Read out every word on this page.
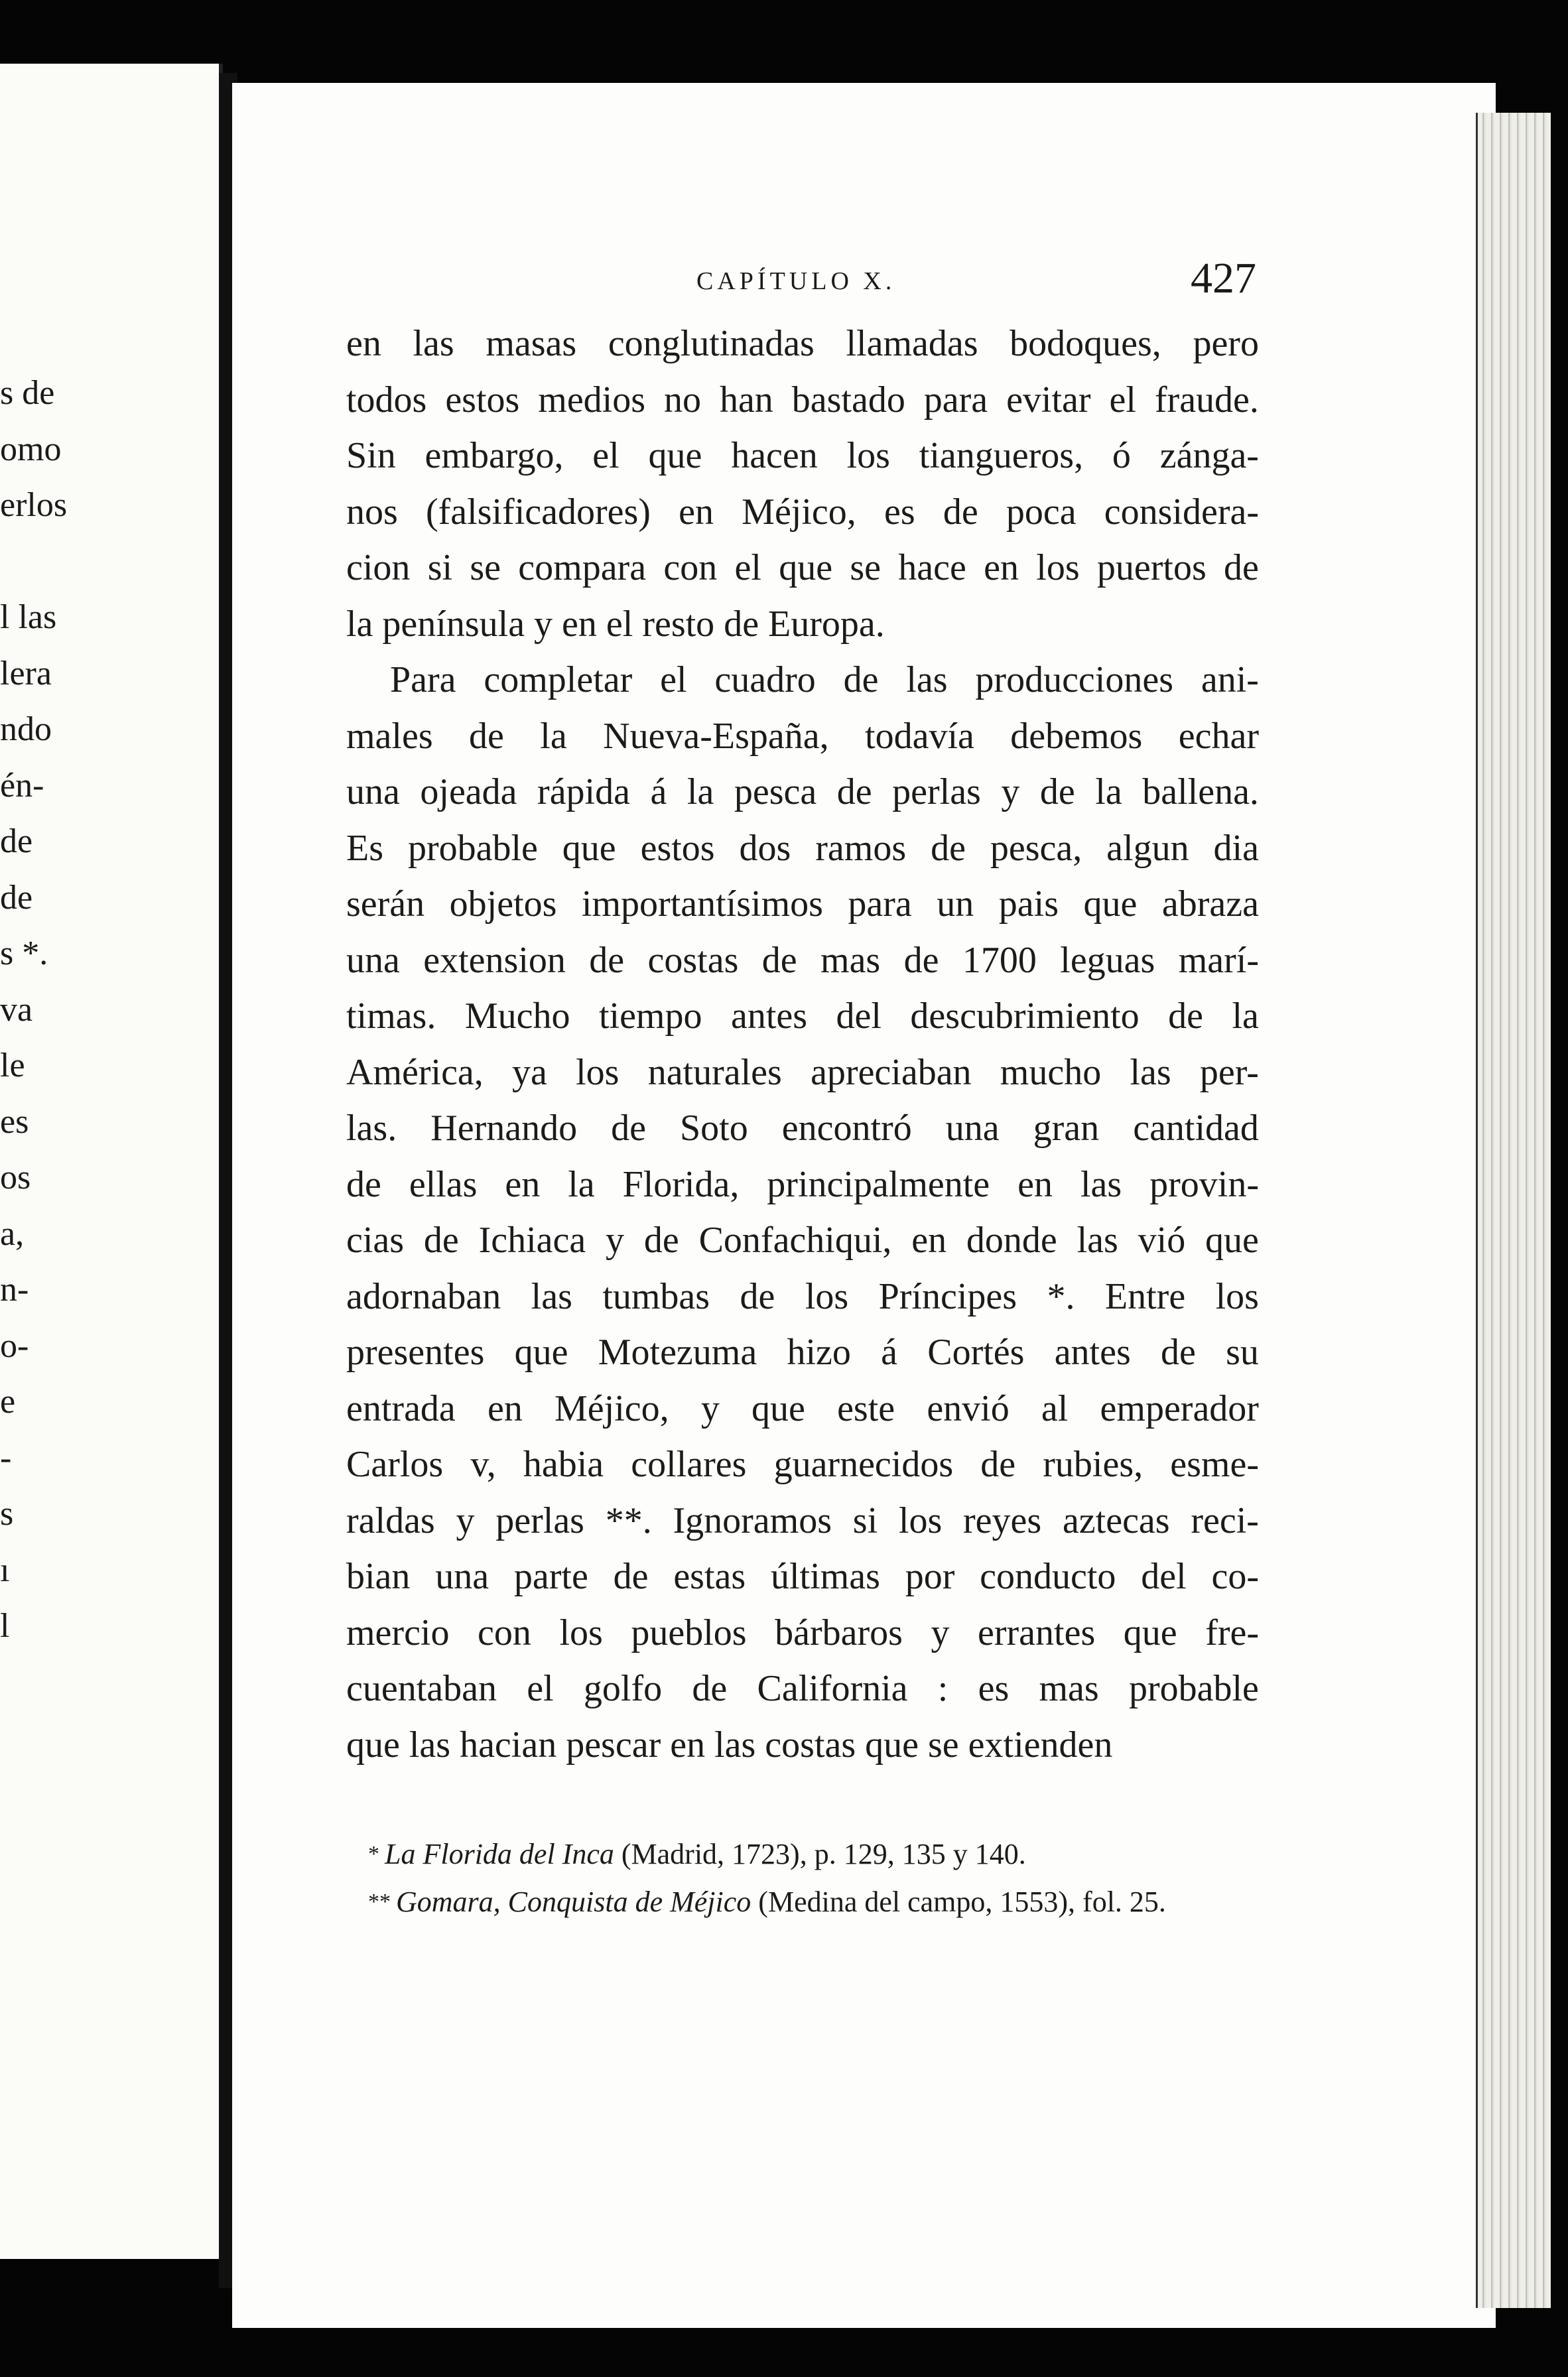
s de
omo
erlos
l las
lera
ndo
én-
de
de
s *.
va
le
es
os
a,
n-
o-
e
-
s
ı
l
CAPÍTULO X.	427
en las masas conglutinadas llamadas bodoques, pero
todos estos medios no han bastado para evitar el fraude.
Sin embargo, el que hacen los tiangueros, ó zánga-
nos (falsificadores) en Méjico, es de poca considera-
cion si se compara con el que se hace en los puertos de
la península y en el resto de Europa.
Para completar el cuadro de las producciones ani-
males de la Nueva-España, todavía debemos echar
una ojeada rápida á la pesca de perlas y de la ballena.
Es probable que estos dos ramos de pesca, algun dia
serán objetos importantísimos para un pais que abraza
una extension de costas de mas de 1700 leguas marí-
timas. Mucho tiempo antes del descubrimiento de la
América, ya los naturales apreciaban mucho las per-
las. Hernando de Soto encontró una gran cantidad
de ellas en la Florida, principalmente en las provin-
cias de Ichiaca y de Confachiqui, en donde las vió que
adornaban las tumbas de los Príncipes *. Entre los
presentes que Motezuma hizo á Cortés antes de su
entrada en Méjico, y que este envió al emperador
Carlos v, habia collares guarnecidos de rubies, esme-
raldas y perlas **. Ignoramos si los reyes aztecas reci-
bian una parte de estas últimas por conducto del co-
mercio con los pueblos bárbaros y errantes que fre-
cuentaban el golfo de California : es mas probable
que las hacian pescar en las costas que se extienden
* La Florida del Inca (Madrid, 1723), p. 129, 135 y 140.
** Gomara, Conquista de Méjico (Medina del campo, 1553), fol. 25.
